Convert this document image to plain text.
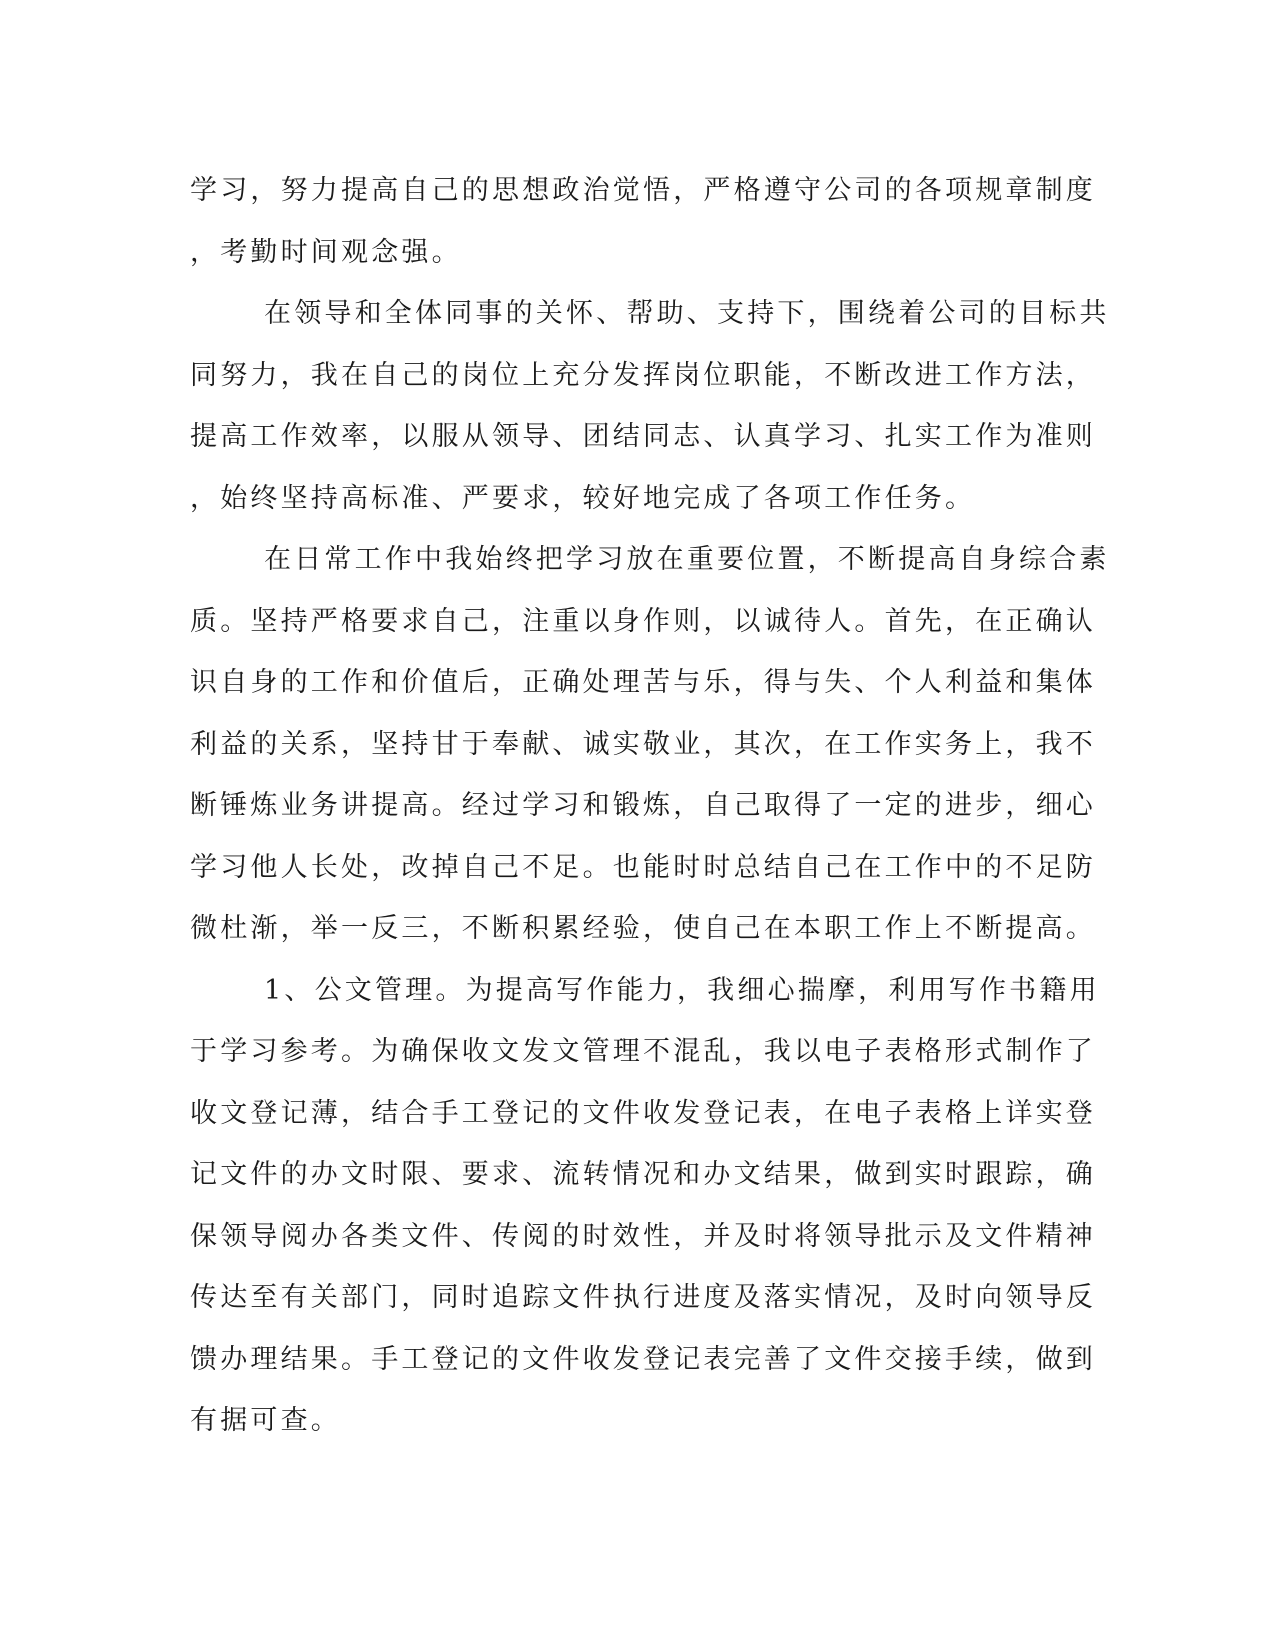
学习，努力提高自己的思想政治觉悟，严格遵守公司的各项规章制度
，考勤时间观念强。
在领导和全体同事的关怀、帮助、支持下，围绕着公司的目标共
同努力，我在自己的岗位上充分发挥岗位职能，不断改进工作方法，
提高工作效率，以服从领导、团结同志、认真学习、扎实工作为准则
，始终坚持高标准、严要求，较好地完成了各项工作任务。
在日常工作中我始终把学习放在重要位置，不断提高自身综合素
质。坚持严格要求自己，注重以身作则，以诚待人。首先，在正确认
识自身的工作和价值后，正确处理苦与乐，得与失、个人利益和集体
利益的关系，坚持甘于奉献、诚实敬业，其次，在工作实务上，我不
断锤炼业务讲提高。经过学习和锻炼，自己取得了一定的进步，细心
学习他人长处，改掉自己不足。也能时时总结自己在工作中的不足防
微杜渐，举一反三，不断积累经验，使自己在本职工作上不断提高。
1、公文管理。为提高写作能力，我细心揣摩，利用写作书籍用
于学习参考。为确保收文发文管理不混乱，我以电子表格形式制作了
收文登记薄，结合手工登记的文件收发登记表，在电子表格上详实登
记文件的办文时限、要求、流转情况和办文结果，做到实时跟踪，确
保领导阅办各类文件、传阅的时效性，并及时将领导批示及文件精神
传达至有关部门，同时追踪文件执行进度及落实情况，及时向领导反
馈办理结果。手工登记的文件收发登记表完善了文件交接手续，做到
有据可查。
